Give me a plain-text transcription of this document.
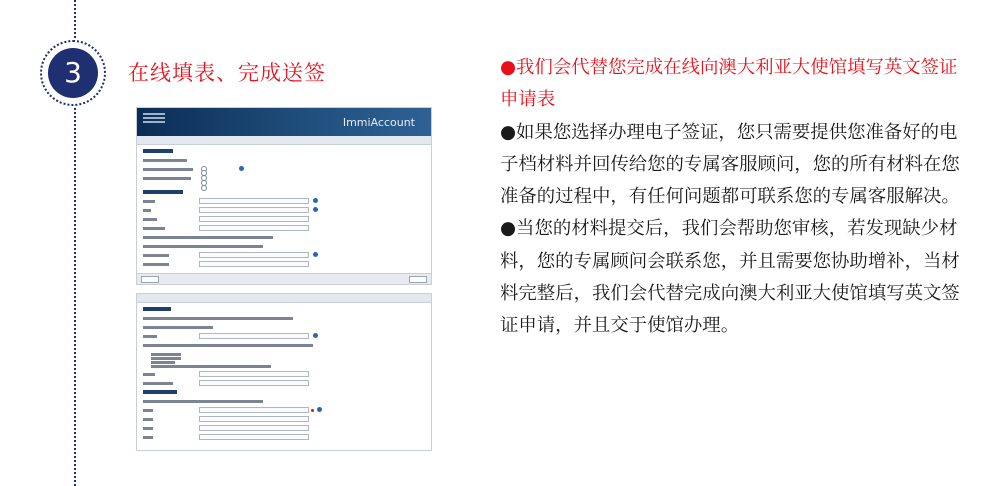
3	在线填表、完成送签
ImmiAccount

●我们会代替您完成在线向澳大利亚大使馆填写英文签证申请表

●如果您选择办理电子签证，您只需要提供您准备好的电子档材料并回传给您的专属客服顾问，您的所有材料在您准备的过程中，有任何问题都可联系您的专属客服解决。

●当您的材料提交后，我们会帮助您审核，若发现缺少材料，您的专属顾问会联系您，并且需要您协助增补，当材料完整后，我们会代替完成向澳大利亚大使馆填写英文签证申请，并且交于使馆办理。
